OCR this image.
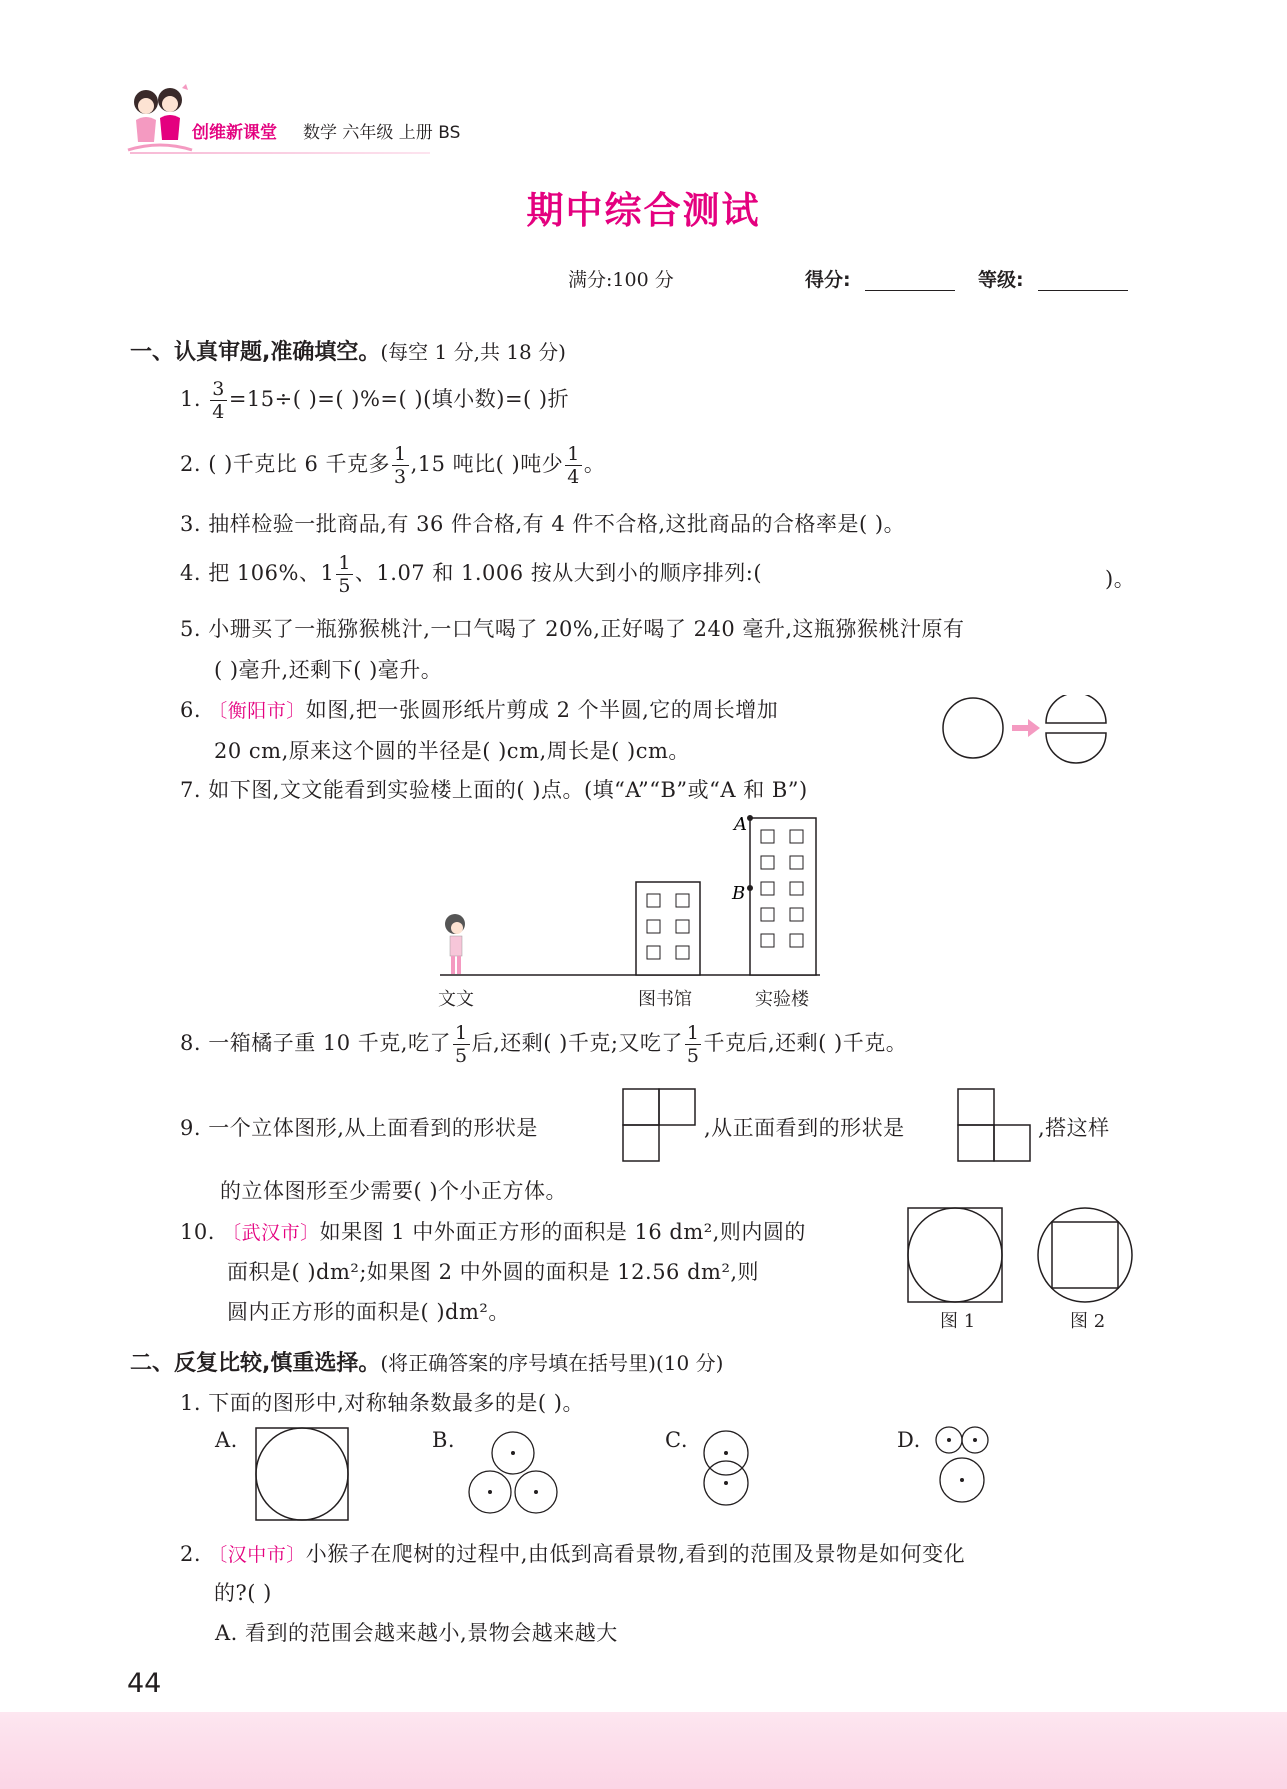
创维新课堂 数学 六年级 上册 BS
期中综合测试
满分:100 分	得分:	等级:
一、认真审题,准确填空。(每空 1 分,共 18 分)
1. $\frac{3}{4} =15\div$( )=( )%=( )(填小数)=( )折
2. ( )千克比 6 千克多 $\frac{1}{3} ,15$ 吨比( )吨少 $\frac{1}{4}$ 。
3. 抽样检验一批商品,有 36 件合格,有 4 件不合格,这批商品的合格率是( )。
4. 把 106%、$1 \frac{1}{5}$ 、1.07 和 1.006 按从大到小的顺序排列:(	)。
5. 小珊买了一瓶猕猴桃汁,一口气喝了 20%,正好喝了 240 毫升,这瓶猕猴桃汁原有
( )毫升,还剩下( )毫升。
6. 〔衡阳市〕如图,把一张圆形纸片剪成 2 个半圆,它的周长增加
20 cm,原来这个圆的半径是( )cm,周长是( )cm。
7. 如下图,文文能看到实验楼上面的( )点。(填“A”“B”或“A 和 B”)
A
B
文文	图书馆	实验楼
8. 一箱橘子重 10 千克,吃了 $\frac{1}{5}$ 后,还剩( )千克;又吃了 $\frac{1}{5}$ 千克后,还剩( )千克。
9. 一个立体图形,从上面看到的形状是	,从正面看到的形状是	,搭这样
的立体图形至少需要( )个小正方体。
10. 〔武汉市〕如果图 1 中外面正方形的面积是 16 dm²,则内圆的
面积是( )dm²;如果图 2 中外圆的面积是 12.56 dm²,则
圆内正方形的面积是( )dm²。	图 1	图 2
二、反复比较,慎重选择。(将正确答案的序号填在括号里)(10 分)
1. 下面的图形中,对称轴条数最多的是( )。
A.	B.	C.	D.
2. 〔汉中市〕小猴子在爬树的过程中,由低到高看景物,看到的范围及景物是如何变化
的?( )
A. 看到的范围会越来越小,景物会越来越大
44
